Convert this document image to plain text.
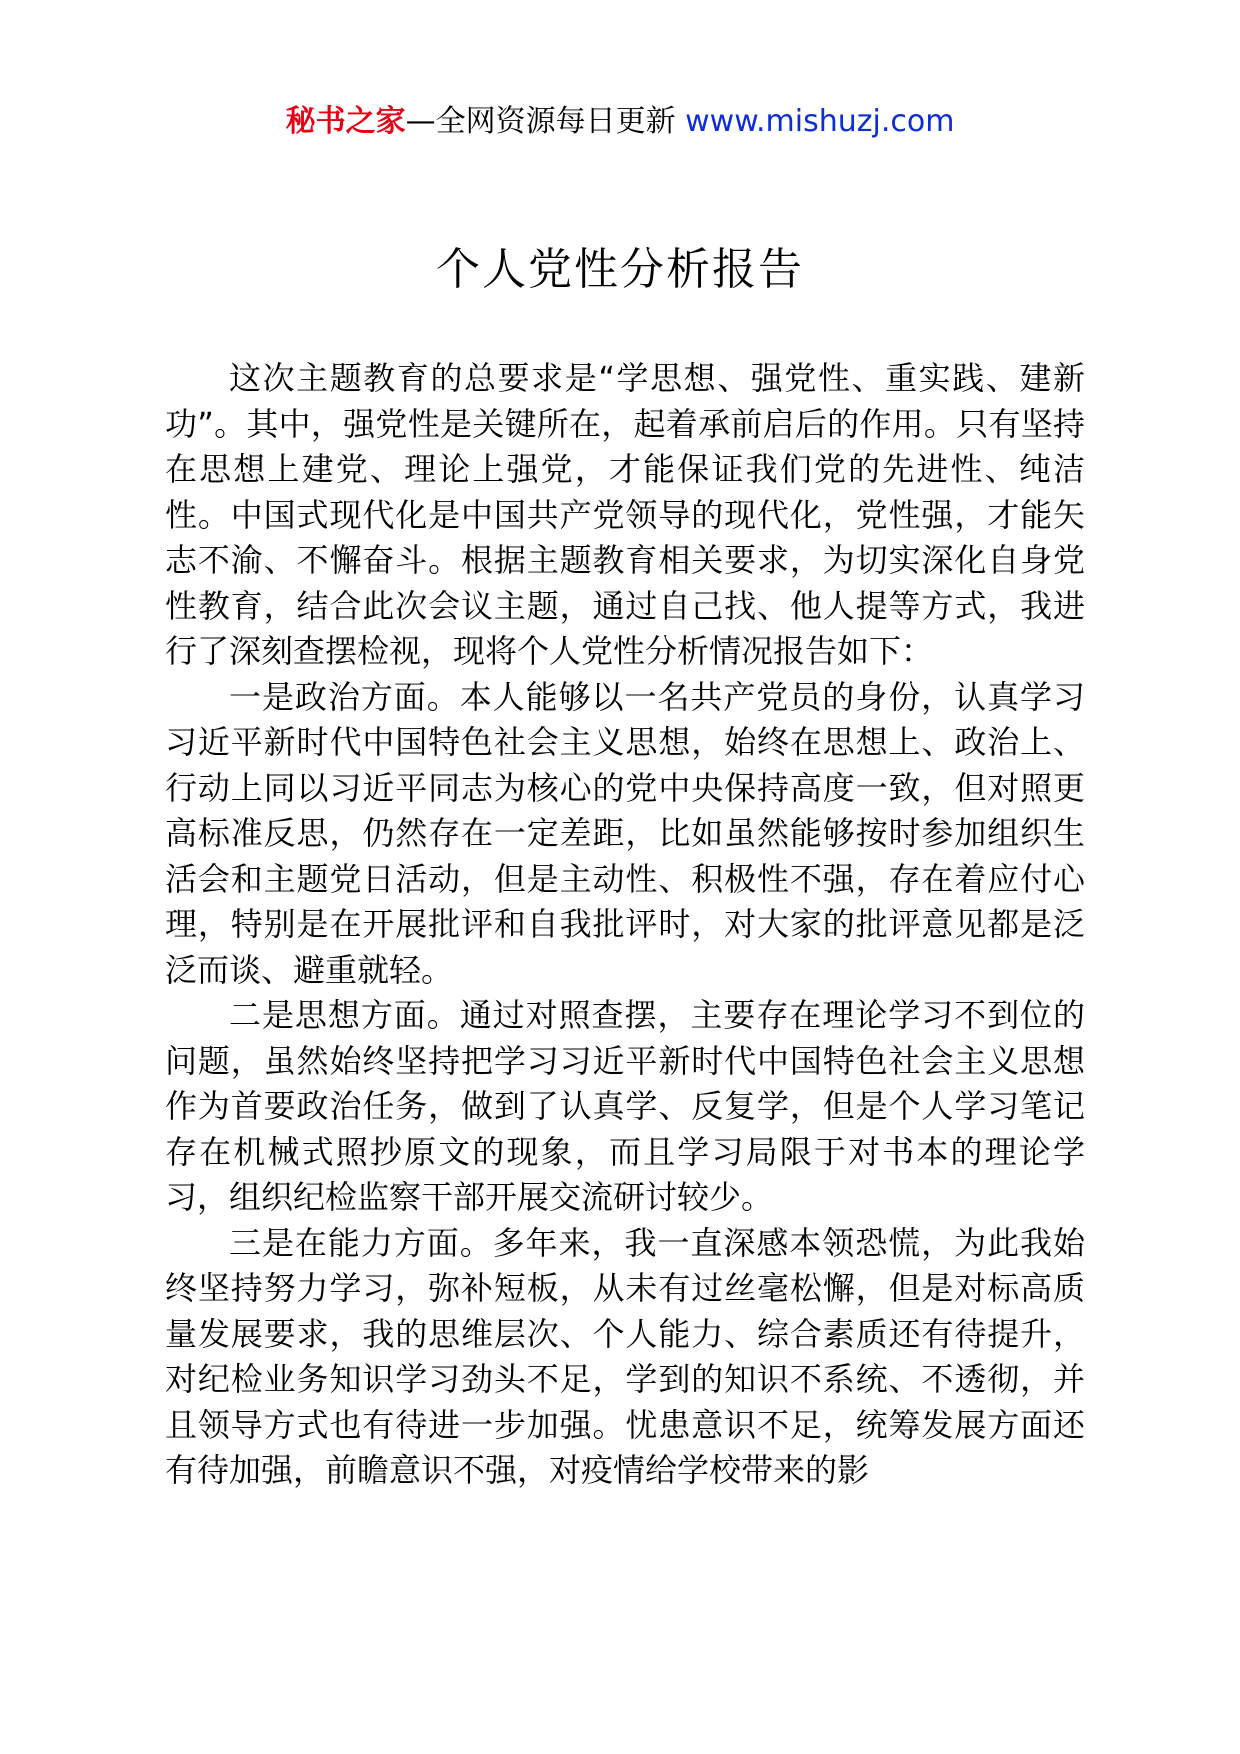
秘书之家—全网资源每日更新 www.mishuzj.com
个人党性分析报告

这次主题教育的总要求是“学思想、强党性、重实践、建新功”。其中，强党性是关键所在，起着承前启后的作用。只有坚持在思想上建党、理论上强党，才能保证我们党的先进性、纯洁性。中国式现代化是中国共产党领导的现代化，党性强，才能矢志不渝、不懈奋斗。根据主题教育相关要求，为切实深化自身党性教育，结合此次会议主题，通过自己找、他人提等方式，我进行了深刻查摆检视，现将个人党性分析情况报告如下：

一是政治方面。本人能够以一名共产党员的身份，认真学习习近平新时代中国特色社会主义思想，始终在思想上、政治上、行动上同以习近平同志为核心的党中央保持高度一致，但对照更高标准反思，仍然存在一定差距，比如虽然能够按时参加组织生活会和主题党日活动，但是主动性、积极性不强，存在着应付心理，特别是在开展批评和自我批评时，对大家的批评意见都是泛泛而谈、避重就轻。

二是思想方面。通过对照查摆，主要存在理论学习不到位的问题，虽然始终坚持把学习习近平新时代中国特色社会主义思想作为首要政治任务，做到了认真学、反复学，但是个人学习笔记存在机械式照抄原文的现象，而且学习局限于对书本的理论学习，组织纪检监察干部开展交流研讨较少。

三是在能力方面。多年来，我一直深感本领恐慌，为此我始终坚持努力学习，弥补短板，从未有过丝毫松懈，但是对标高质量发展要求，我的思维层次、个人能力、综合素质还有待提升，对纪检业务知识学习劲头不足，学到的知识不系统、不透彻，并且领导方式也有待进一步加强。忧患意识不足，统筹发展方面还有待加强，前瞻意识不强，对疫情给学校带来的影
